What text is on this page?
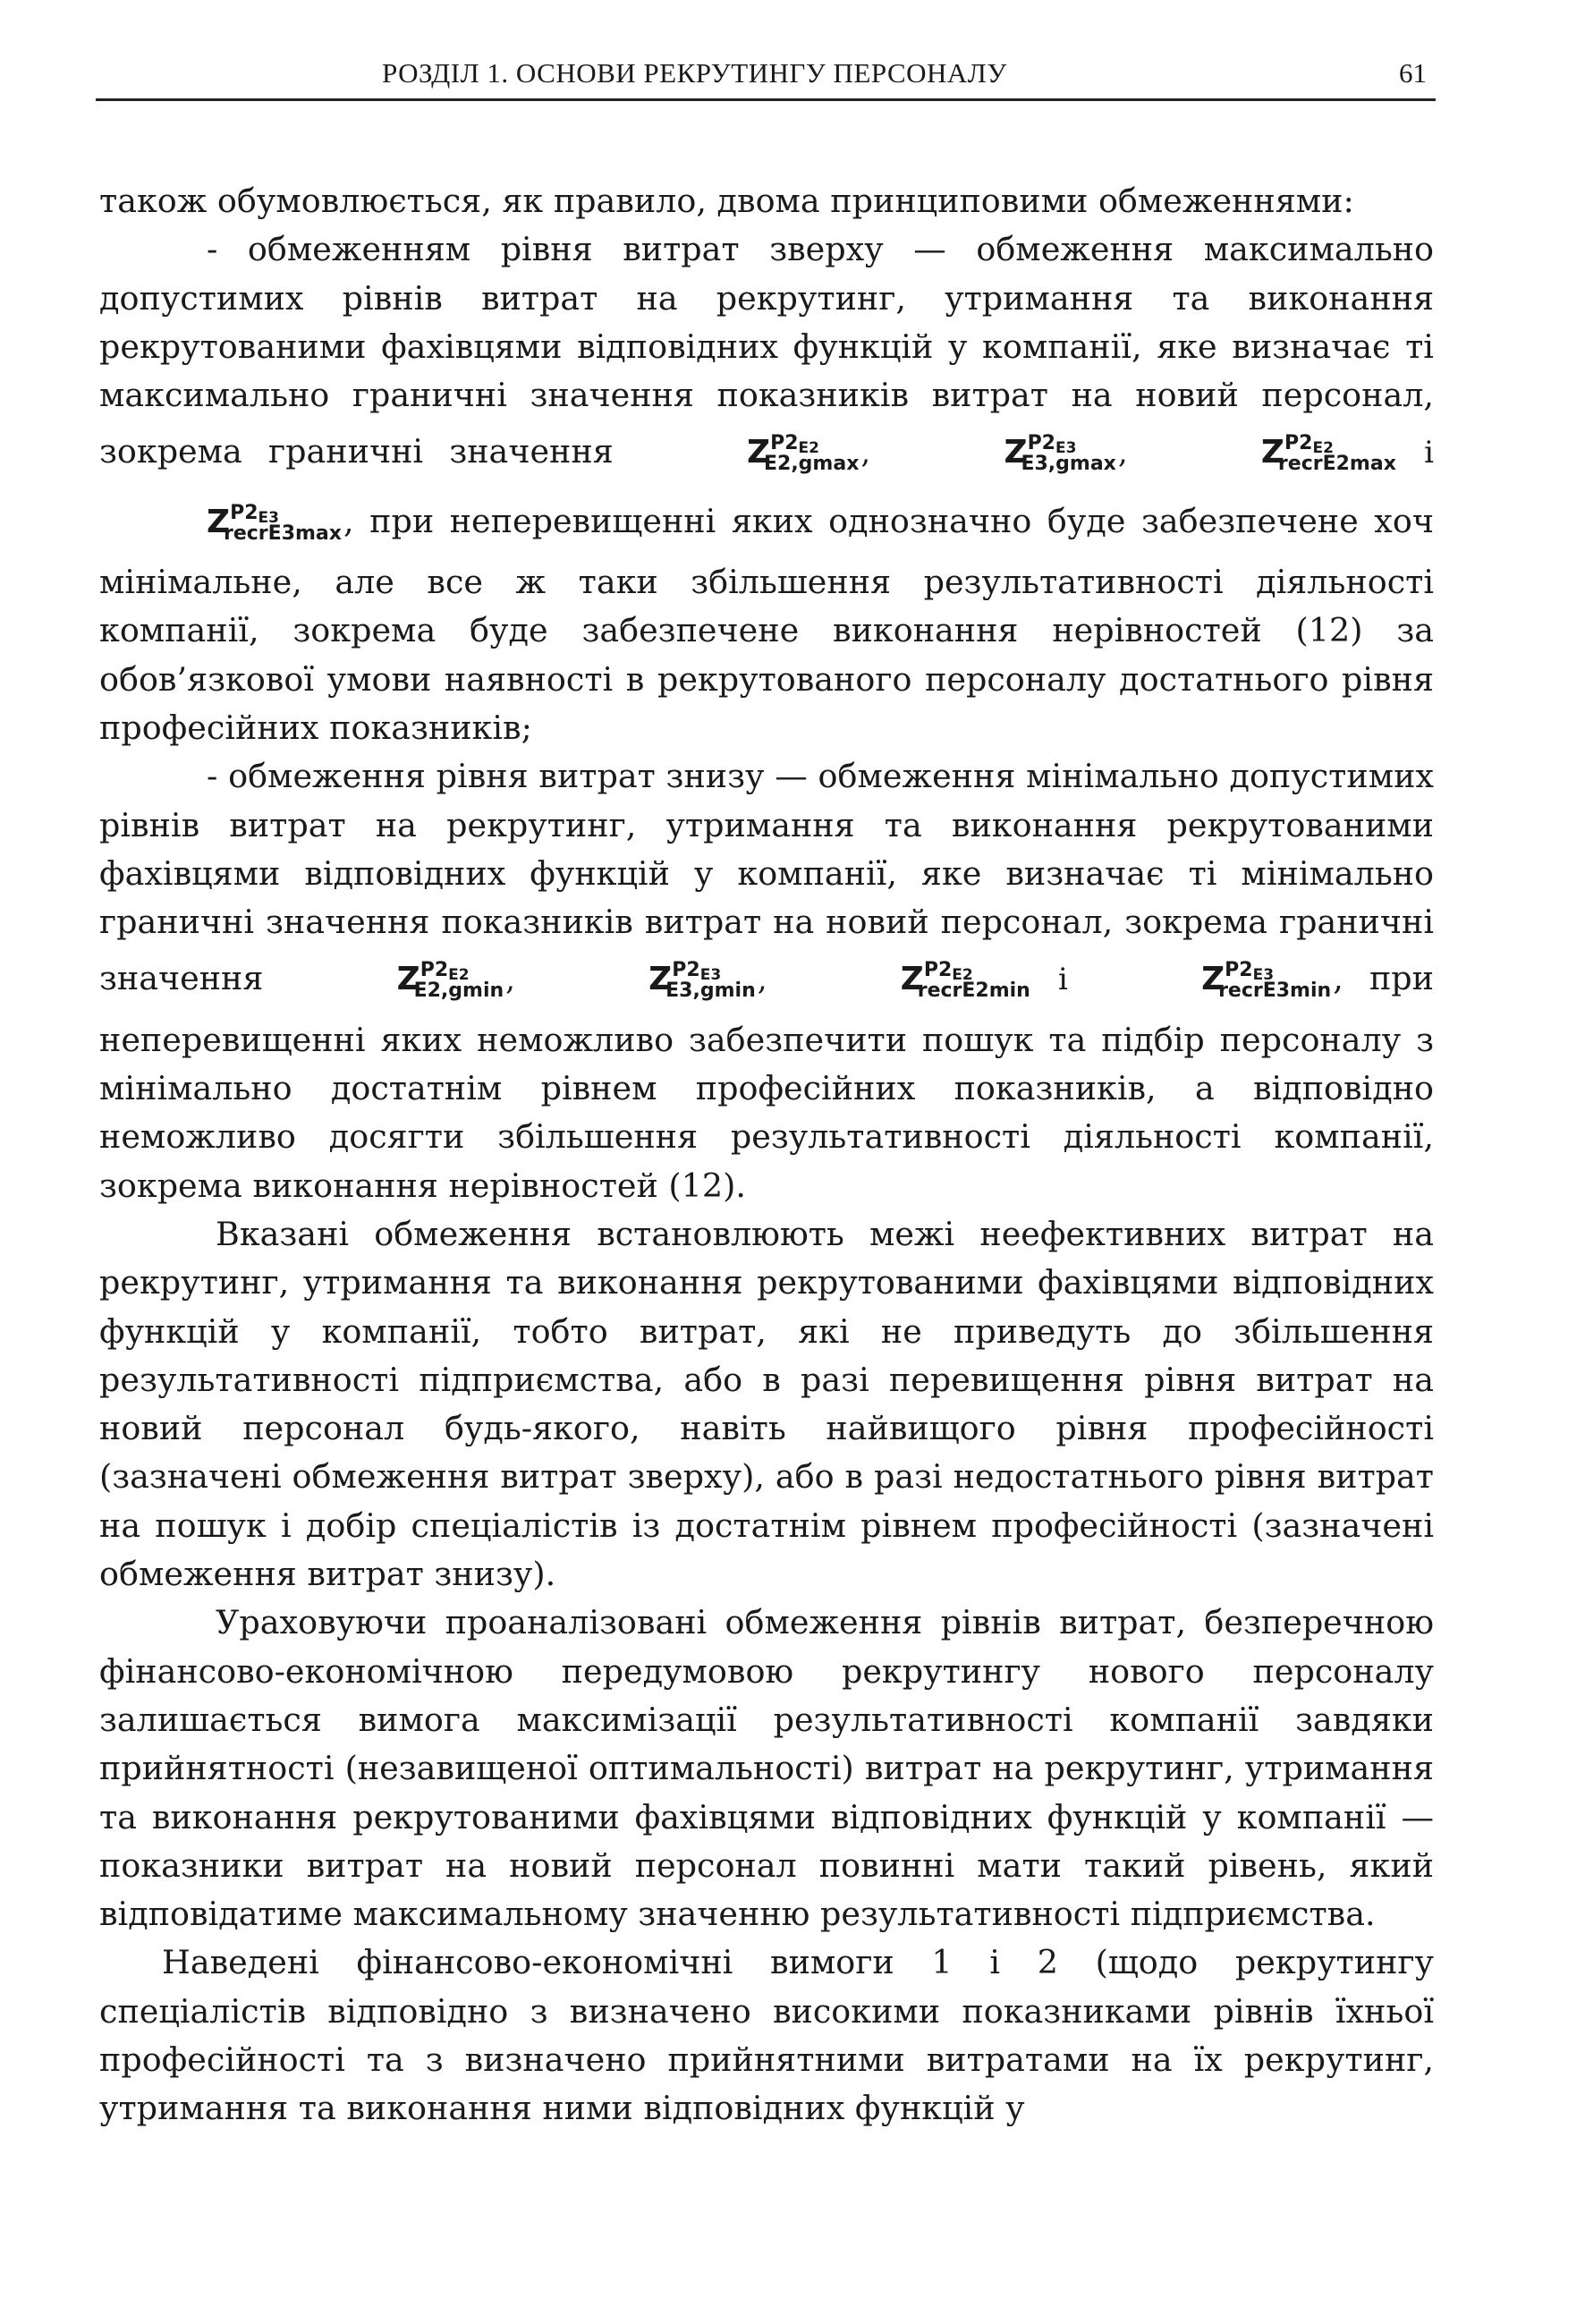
РОЗДІЛ 1. ОСНОВИ РЕКРУТИНГУ ПЕРСОНАЛУ	61

також обумовлюється, як правило, двома принциповими обмеженнями:

- обмеженням рівня витрат зверху — обмеження максимально допустимих рівнів витрат на рекрутинг, утримання та виконання рекрутованими фахівцями відповідних функцій у компанії, яке визначає ті максимально граничні значення показників витрат на новий персонал, зокрема граничні значення	$Z^{P2E2}_{E2,gmax}$,	$Z^{P2E3}_{E3,gmax}$,	$Z^{P2E2}_{recrE2max}$ і $Z^{P2E3}_{recrE3max}$, при неперевищенні яких однозначно буде забезпечене хоч мінімальне, але все ж таки збільшення результативності діяльності компанії, зокрема буде забезпечене виконання нерівностей (12) за обов’язкової умови наявності в рекрутованого персоналу достатнього рівня професійних показників;

- обмеження рівня витрат знизу — обмеження мінімально допустимих рівнів витрат на рекрутинг, утримання та виконання рекрутованими фахівцями відповідних функцій у компанії, яке визначає ті мінімально граничні значення показників витрат на новий персонал, зокрема граничні значення	$Z^{P2E2}_{E2,gmin}$,	$Z^{P2E3}_{E3,gmin}$,	$Z^{P2E2}_{recrE2min}$ і	$Z^{P2E3}_{recrE3min}$, при неперевищенні яких неможливо забезпечити пошук та підбір персоналу з мінімально достатнім рівнем професійних показників, а відповідно неможливо досягти збільшення результативності діяльності компанії, зокрема виконання нерівностей (12).

Вказані обмеження встановлюють межі неефективних витрат на рекрутинг, утримання та виконання рекрутованими фахівцями відповідних функцій у компанії, тобто витрат, які не приведуть до збільшення результативності підприємства, або в разі перевищення рівня витрат на новий персонал будь-якого, навіть найвищого рівня професійності (зазначені обмеження витрат зверху), або в разі недостатнього рівня витрат на пошук і добір спеціалістів із достатнім рівнем професійності (зазначені обмеження витрат знизу).

Ураховуючи проаналізовані обмеження рівнів витрат, безперечною фінансово-економічною передумовою рекрутингу нового персоналу залишається вимога максимізації результативності компанії завдяки прийнятності (незавищеної оптимальності) витрат на рекрутинг, утримання та виконання рекрутованими фахівцями відповідних функцій у компанії — показники витрат на новий персонал повинні мати такий рівень, який відповідатиме максимальному значенню результативності підприємства.

Наведені фінансово-економічні вимоги 1 і 2 (щодо рекрутингу спеціалістів відповідно з визначено високими показниками рівнів їхньої професійності та з визначено прийнятними витратами на їх рекрутинг, утримання та виконання ними відповідних функцій у
